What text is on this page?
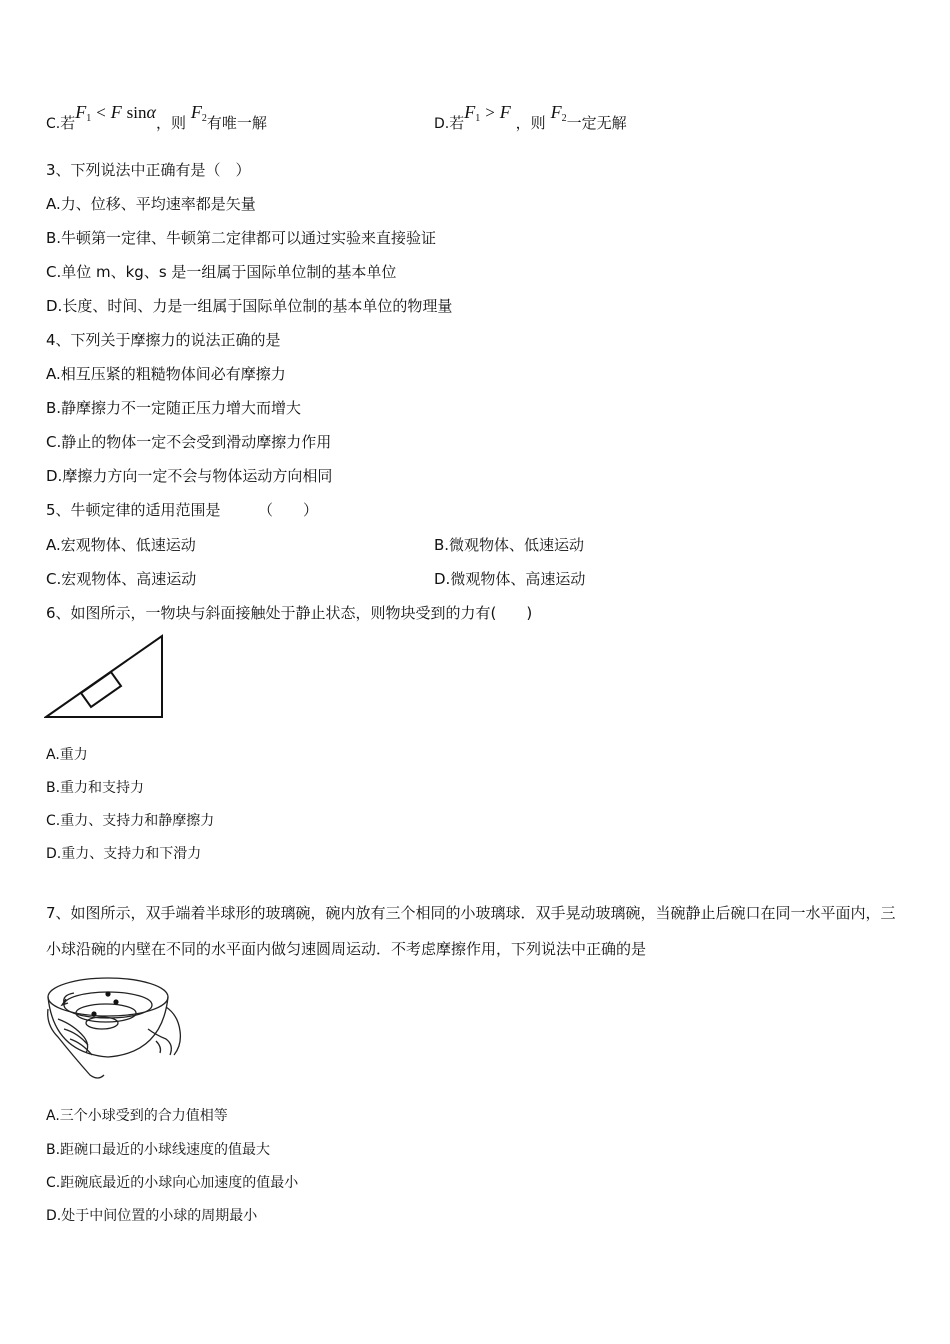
C.若$F_1 < F$ sinα，则 $F_2$有唯一解	D.若$F_1 > F$ ，则 $F_2$一定无解
3、下列说法中正确有是（　）
A.力、位移、平均速率都是矢量
B.牛顿第一定律、牛顿第二定律都可以通过实验来直接验证
C.单位 m、kg、s 是一组属于国际单位制的基本单位
D.长度、时间、力是一组属于国际单位制的基本单位的物理量
4、下列关于摩擦力的说法正确的是
A.相互压紧的粗糙物体间必有摩擦力
B.静摩擦力不一定随正压力增大而增大
C.静止的物体一定不会受到滑动摩擦力作用
D.摩擦力方向一定不会与物体运动方向相同
5、牛顿定律的适用范围是　　　（　　）
A.宏观物体、低速运动	B.微观物体、低速运动
C.宏观物体、高速运动	D.微观物体、高速运动
6、如图所示，一物块与斜面接触处于静止状态，则物块受到的力有(　　)
A.重力
B.重力和支持力
C.重力、支持力和静摩擦力
D.重力、支持力和下滑力
7、如图所示，双手端着半球形的玻璃碗，碗内放有三个相同的小玻璃球．双手晃动玻璃碗，当碗静止后碗口在同一水平面内，三小球沿碗的内壁在不同的水平面内做匀速圆周运动．不考虑摩擦作用，下列说法中正确的是
A.三个小球受到的合力值相等
B.距碗口最近的小球线速度的值最大
C.距碗底最近的小球向心加速度的值最小
D.处于中间位置的小球的周期最小
